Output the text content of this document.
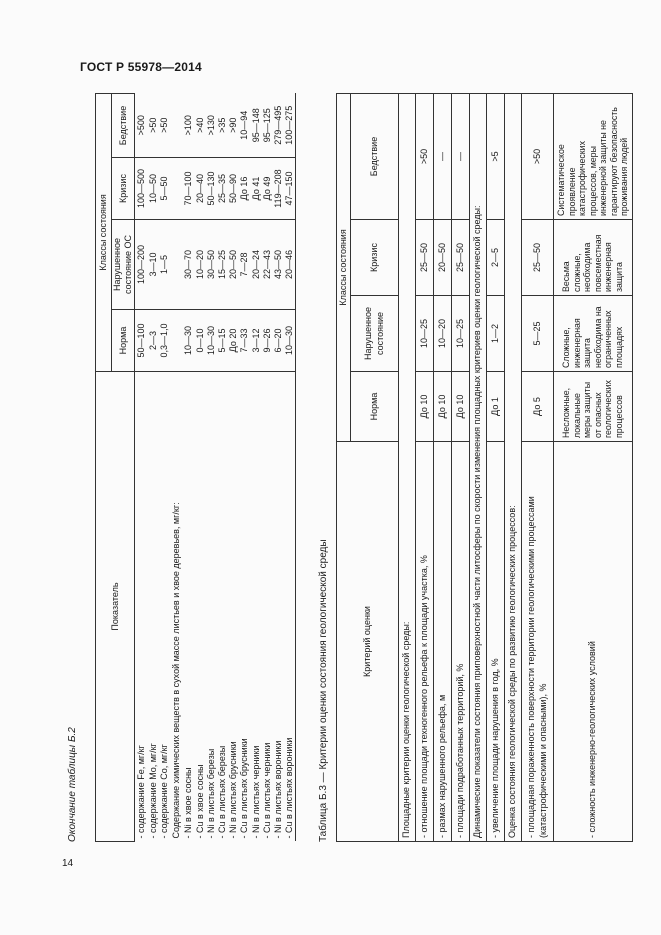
ГОСТ Р 55978—2014
14
Окончание таблицы Б.2
Показатель	Классы состояния			
	Норма	Нарушенное состояние ОС	Кризис	Бедствие
- содержание Fe, мг/кг	50—100	100—200	100—500	>500
- содержание Mo, мг/кг	2—3	3—10	10—50	>50
- содержание Co, мг/кг	0,3—1,0	1—5	5—50	>50
Содержание химических веществ в сухой массе листьев и хвое деревьев, мг/кг:				
- Ni в хвое сосны	10—30	30—70	70—100	>100
- Cu в хвое сосны	0—10	10—20	20—40	>40
- Ni в листьях березы	10—30	30—50	50—130	>130
- Cu в листьях березы	5—15	15—25	25—35	>35
- Ni в листьях брусники	До 20	20—50	50—90	>90
- Cu в листьях брусники	7—33	7—28	До 16	10—94
- Ni в листьях черники	3—12	20—24	До 41	95—148
- Cu в листьях черники	9—26	22—43	До 49	95—125
- Ni в листьях вороники	6—20	43—50	119—208	279—495
- Cu в листьях вороники	10—30	20—46	47—150	100—275
Таблица Б.3 — Критерии оценки состояния геологической среды	Критерий оценки	Классы состояния			
	Норма	Нарушенное состояние	Кризис	Бедствие
Площадные критерии оценки геологической среды:				
- отношение площади техногенного рельефа к площади участка, %	До 10	10—25	25—50	>50
- размах нарушенного рельефа, м	До 10	10—20	20—50	—
- площади подработанных территорий, %	До 10	10—25	25—50	—
Динамические показатели состояния приповерхностной части литосферы по скорости изменения площадных критериев оценки геологической среды:				
- увеличение площади нарушения в год, %	До 1	1—2	2—5	>5
Оценка состояния геологической среды по развитию геологических процессов:				
- площадная пораженность поверхности территории геологическими процессами (катастрофическими и опасными), %	До 5	5—25	25—50	>50
- сложность инженерно-геологических условий	Несложные, локальные меры защиты от опасных геологических процессов	Сложные, инженерная защита необходима на ограниченных площадях	Весьма сложные, необходима повсеместная инженерная защита	Систематическое проявление катастрофических процессов, меры инженерной защиты не гарантируют безопасность проживания людей
